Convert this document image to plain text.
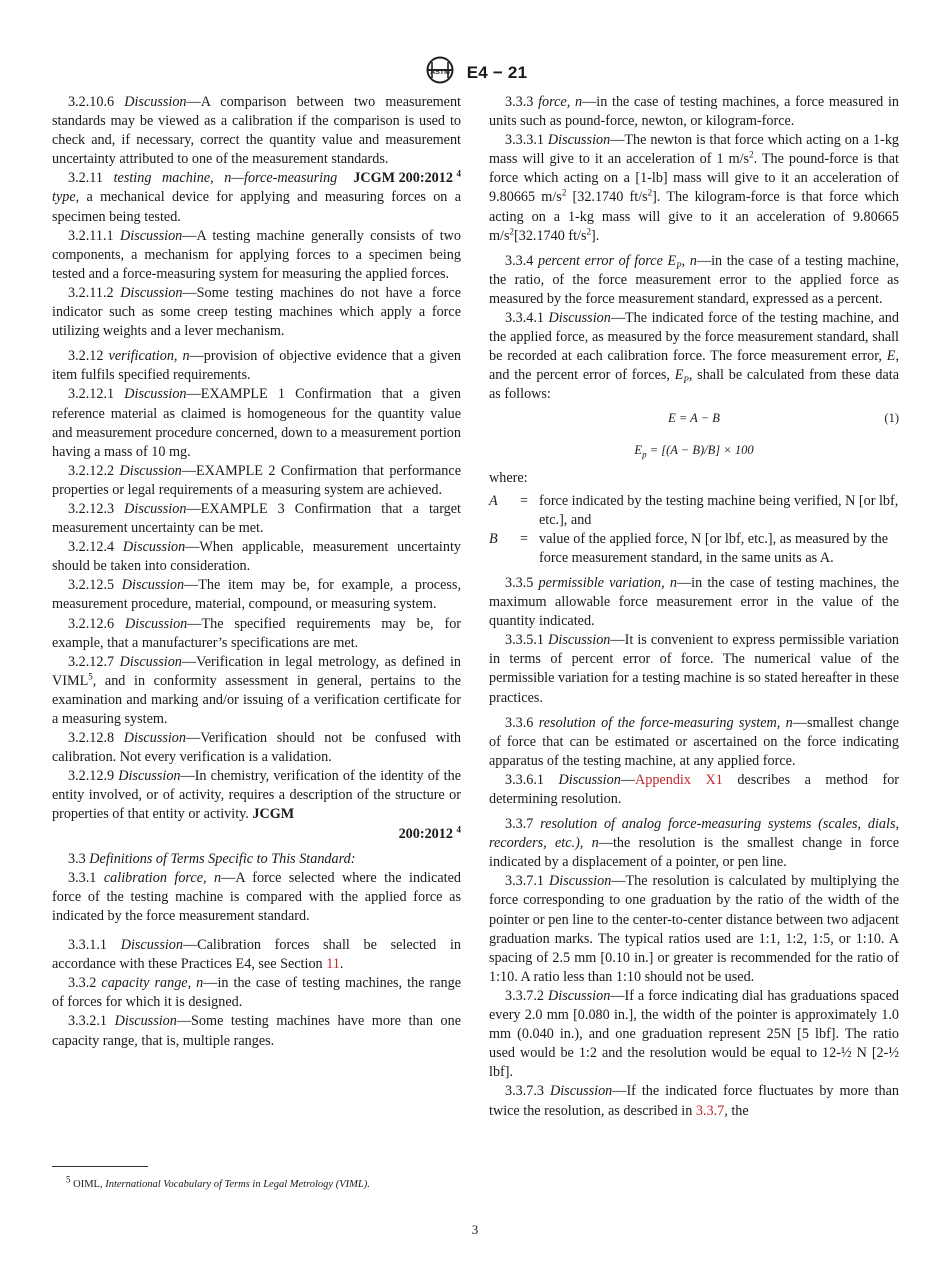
ASTM E4 − 21

3.2.10.6 Discussion—A comparison between two measurement standards may be viewed as a calibration if the comparison is used to check and, if necessary, correct the quantity value and measurement uncertainty attributed to one of the measurement standards.
JCGM 200:2012 $^4$

3.2.11 testing machine, n—force-measuring type, a mechanical device for applying and measuring forces on a specimen being tested.

3.2.11.1 Discussion—A testing machine generally consists of two components, a mechanism for applying forces to a specimen being tested and a force-measuring system for measuring the applied forces.

3.2.11.2 Discussion—Some testing machines do not have a force indicator such as some creep testing machines which apply a force utilizing weights and a lever mechanism.

3.2.12 verification, n—provision of objective evidence that a given item fulfils specified requirements.

3.2.12.1 Discussion—EXAMPLE 1 Confirmation that a given reference material as claimed is homogeneous for the quantity value and measurement procedure concerned, down to a measurement portion having a mass of 10 mg.

3.2.12.2 Discussion—EXAMPLE 2 Confirmation that performance properties or legal requirements of a measuring system are achieved.

3.2.12.3 Discussion—EXAMPLE 3 Confirmation that a target measurement uncertainty can be met.

3.2.12.4 Discussion—When applicable, measurement uncertainty should be taken into consideration.

3.2.12.5 Discussion—The item may be, for example, a process, measurement procedure, material, compound, or measuring system.

3.2.12.6 Discussion—The specified requirements may be, for example, that a manufacturer’s specifications are met.

3.2.12.7 Discussion—Verification in legal metrology, as defined in VIML$^5$, and in conformity assessment in general, pertains to the examination and marking and/or issuing of a verification certificate for a measuring system.

3.2.12.8 Discussion—Verification should not be confused with calibration. Not every verification is a validation.

3.2.12.9 Discussion—In chemistry, verification of the identity of the entity involved, or of activity, requires a description of the structure or properties of that entity or activity. JCGM
200:2012 $^4$

3.3 Definitions of Terms Specific to This Standard:

3.3.1 calibration force, n—A force selected where the indicated force of the testing machine is compared with the applied force as indicated by the force measurement standard.

3.3.1.1 Discussion—Calibration forces shall be selected in accordance with these Practices E4, see Section 11.

3.3.2 capacity range, n—in the case of testing machines, the range of forces for which it is designed.

3.3.2.1 Discussion—Some testing machines have more than one capacity range, that is, multiple ranges.

$^5$ OIML, International Vocabulary of Terms in Legal Metrology (VIML).

3.3.3 force, n—in the case of testing machines, a force measured in units such as pound-force, newton, or kilogram-force.

3.3.3.1 Discussion—The newton is that force which acting on a 1-kg mass will give to it an acceleration of 1 $m/s^2$. The pound-force is that force which acting on a [1-lb] mass will give to it an acceleration of 9.80665 $m/s^2$ [32.1740 $ft/s^2$]. The kilogram-force is that force which acting on a 1-kg mass will give to it an acceleration of 9.80665 $m/s^2[32.1740$ $ft/s^2$].

3.3.4 percent error of force $E_P$, n—in the case of a testing machine, the ratio, of the force measurement error to the applied force as measured by the force measurement standard, expressed as a percent.

3.3.4.1 Discussion—The indicated force of the testing machine, and the applied force, as measured by the force measurement standard, shall be recorded at each calibration force. The force measurement error, E, and the percent error of forces, $E_P$, shall be calculated from these data as follows:

E = A − B	(1)
$E_p = [(A - B)/B] \times 100$

where:

A	= force indicated by the testing machine being verified, N [or lbf, etc.], and
B	= value of the applied force, N [or lbf, etc.], as measured by the force measurement standard, in the same units as A.

3.3.5 permissible variation, n—in the case of testing machines, the maximum allowable force measurement error in the value of the quantity indicated.

3.3.5.1 Discussion—It is convenient to express permissible variation in terms of percent error of force. The numerical value of the permissible variation for a testing machine is so stated hereafter in these practices.

3.3.6 resolution of the force-measuring system, n—smallest change of force that can be estimated or ascertained on the force indicating apparatus of the testing machine, at any applied force.

3.3.6.1 Discussion—Appendix X1 describes a method for determining resolution.

3.3.7 resolution of analog force-measuring systems (scales, dials, recorders, etc.), n—the resolution is the smallest change in force indicated by a displacement of a pointer, or pen line.

3.3.7.1 Discussion—The resolution is calculated by multiplying the force corresponding to one graduation by the ratio of the width of the pointer or pen line to the center-to-center distance between two adjacent graduation marks. The typical ratios used are 1:1, 1:2, 1:5, or 1:10. A spacing of 2.5 mm [0.10 in.] or greater is recommended for the ratio of 1:10. A ratio less than 1:10 should not be used.

3.3.7.2 Discussion—If a force indicating dial has graduations spaced every 2.0 mm [0.080 in.], the width of the pointer is approximately 1.0 mm (0.040 in.), and one graduation represent 25N [5 lbf]. The ratio used would be 1:2 and the resolution would be equal to 12-½ N [2-½ lbf].

3.3.7.3 Discussion—If the indicated force fluctuates by more than twice the resolution, as described in 3.3.7, the

3
